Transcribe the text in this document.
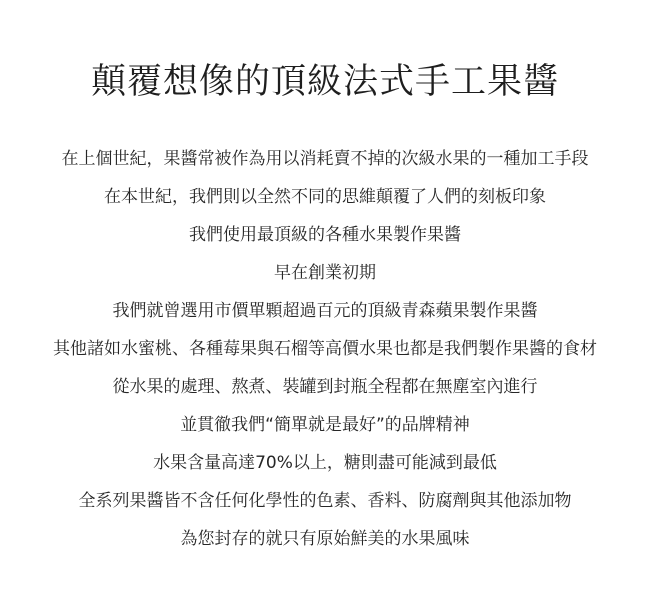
顛覆想像的頂級法式手工果醬
在上個世紀，果醬常被作為用以消耗賣不掉的次級水果的一種加工手段
在本世紀，我們則以全然不同的思維顛覆了人們的刻板印象
我們使用最頂級的各種水果製作果醬
早在創業初期
我們就曾選用市價單顆超過百元的頂級青森蘋果製作果醬
其他諸如水蜜桃、各種莓果與石榴等高價水果也都是我們製作果醬的食材
從水果的處理、熬煮、裝罐到封瓶全程都在無塵室內進行
並貫徹我們“簡單就是最好”的品牌精神
水果含量高達70%以上，糖則盡可能減到最低
全系列果醬皆不含任何化學性的色素、香料、防腐劑與其他添加物
為您封存的就只有原始鮮美的水果風味
